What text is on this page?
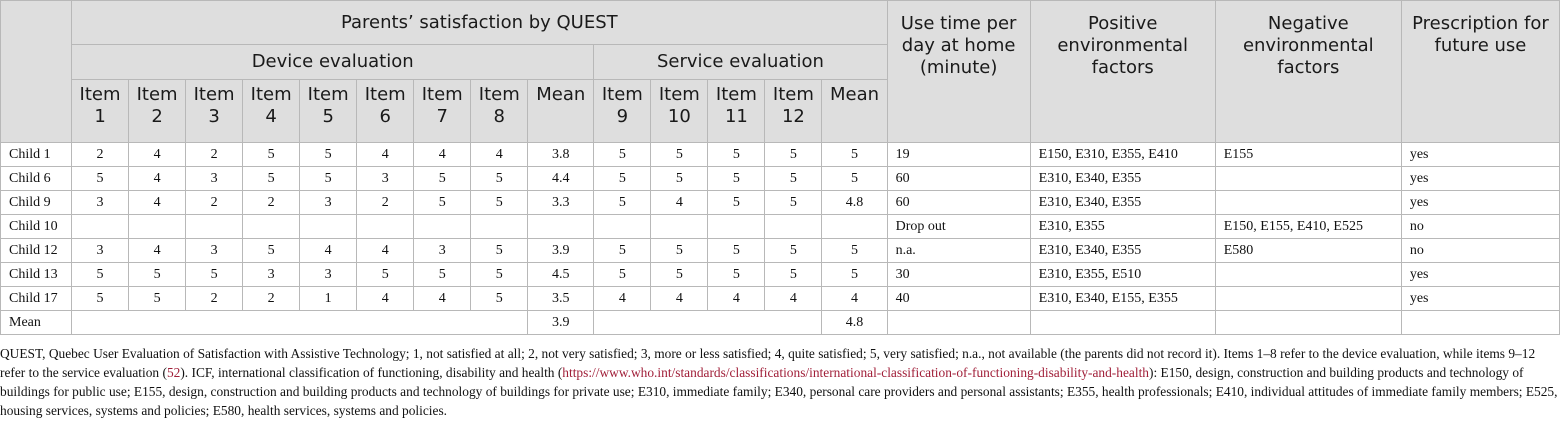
	Parents’ satisfaction by QUEST														Use time per day at home (minute)	Positive environmental factors	Negative environmental factors	Prescription for future use
	Device evaluation									Service evaluation								
	Item 1	Item 2	Item 3	Item 4	Item 5	Item 6	Item 7	Item 8	Mean	Item 9	Item 10	Item 11	Item 12	Mean				
Child 1	2	4	2	5	5	4	4	4	3.8	5	5	5	5	5	19	E150, E310, E355, E410	E155	yes
Child 6	5	4	3	5	5	3	5	5	4.4	5	5	5	5	5	60	E310, E340, E355		yes
Child 9	3	4	2	2	3	2	5	5	3.3	5	4	5	5	4.8	60	E310, E340, E355		yes
Child 10															Drop out	E310, E355	E150, E155, E410, E525	no
Child 12	3	4	3	5	4	4	3	5	3.9	5	5	5	5	5	n.a.	E310, E340, E355	E580	no
Child 13	5	5	5	3	3	5	5	5	4.5	5	5	5	5	5	30	E310, E355, E510		yes
Child 17	5	5	2	2	1	4	4	5	3.5	4	4	4	4	4	40	E310, E340, E155, E355		yes
Mean									3.9					4.8				

QUEST, Quebec User Evaluation of Satisfaction with Assistive Technology; 1, not satisfied at all; 2, not very satisfied; 3, more or less satisfied; 4, quite satisfied; 5, very satisfied; n.a., not available (the parents did not record it). Items 1–8 refer to the device evaluation, while items 9–12 refer to the service evaluation (52). ICF, international classification of functioning, disability and health (https://www.who.int/standards/classifications/international-classification-of-functioning-disability-and-health): E150, design, construction and building products and technology of buildings for public use; E155, design, construction and building products and technology of buildings for private use; E310, immediate family; E340, personal care providers and personal assistants; E355, health professionals; E410, individual attitudes of immediate family members; E525, housing services, systems and policies; E580, health services, systems and policies.
